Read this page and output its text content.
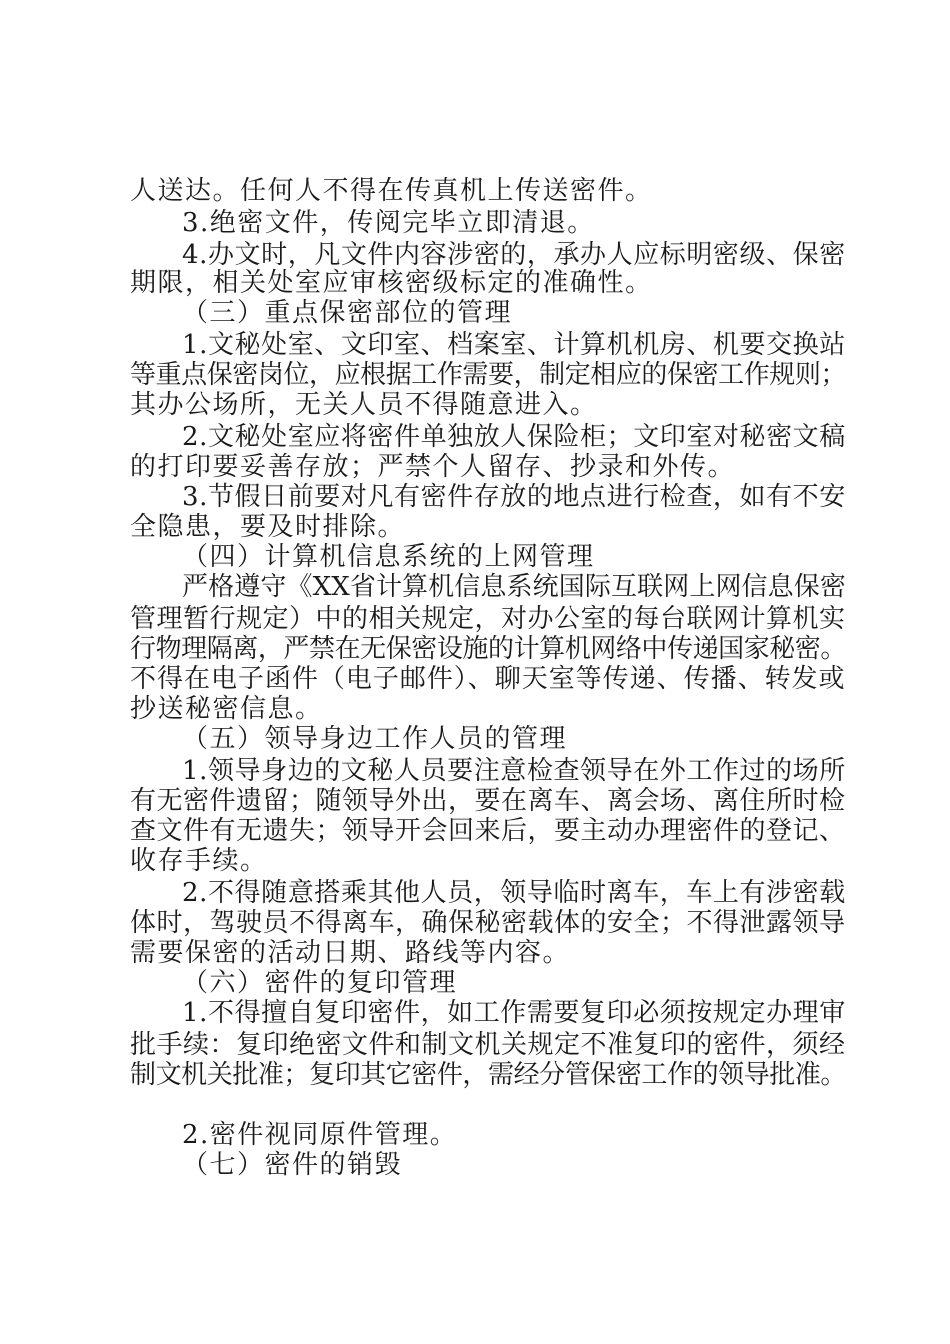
人送达。任何人不得在传真机上传送密件。
3.绝密文件，传阅完毕立即清退。
4.办文时，凡文件内容涉密的，承办人应标明密级、保密
期限，相关处室应审核密级标定的准确性。
（三）重点保密部位的管理
1.文秘处室、文印室、档案室、计算机机房、机要交换站
等重点保密岗位，应根据工作需要，制定相应的保密工作规则；
其办公场所，无关人员不得随意进入。
2.文秘处室应将密件单独放人保险柜；文印室对秘密文稿
的打印要妥善存放；严禁个人留存、抄录和外传。
3.节假日前要对凡有密件存放的地点进行检查，如有不安
全隐患，要及时排除。
（四）计算机信息系统的上网管理
严格遵守《XX省计算机信息系统国际互联网上网信息保密
管理暂行规定）中的相关规定，对办公室的每台联网计算机实
行物理隔离，严禁在无保密设施的计算机网络中传递国家秘密。
不得在电子函件（电子邮件）、聊天室等传递、传播、转发或
抄送秘密信息。
（五）领导身边工作人员的管理
1.领导身边的文秘人员要注意检查领导在外工作过的场所
有无密件遗留；随领导外出，要在离车、离会场、离住所时检
查文件有无遗失；领导开会回来后，要主动办理密件的登记、
收存手续。
2.不得随意搭乘其他人员，领导临时离车，车上有涉密载
体时，驾驶员不得离车，确保秘密载体的安全；不得泄露领导
需要保密的活动日期、路线等内容。
（六）密件的复印管理
1.不得擅自复印密件，如工作需要复印必须按规定办理审
批手续：复印绝密文件和制文机关规定不准复印的密件，须经
制文机关批准；复印其它密件，需经分管保密工作的领导批准。
2.密件视同原件管理。
（七）密件的销毁
